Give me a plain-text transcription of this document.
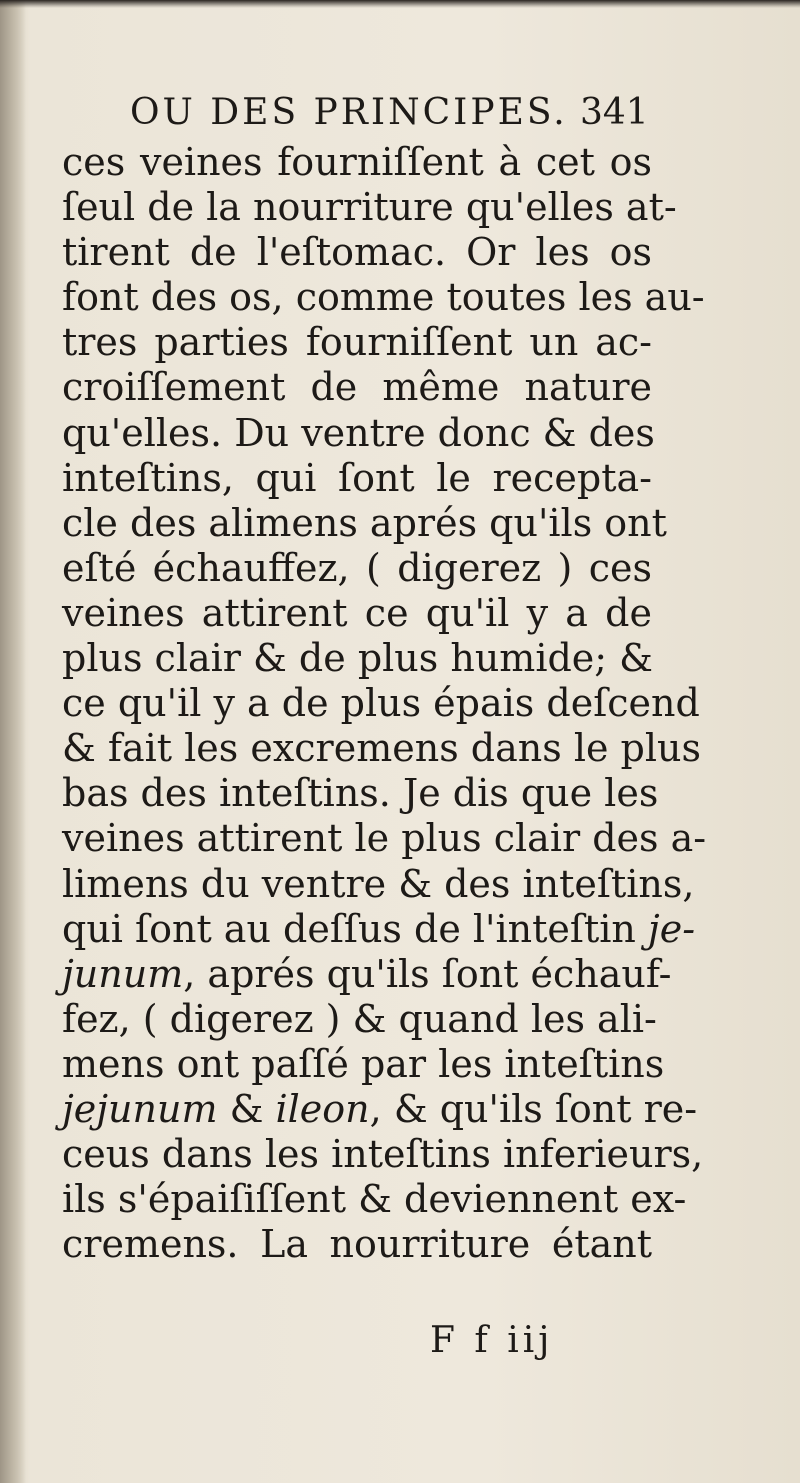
OU DES PRINCIPES. 341
ces veines fourniſſent à cet os
ſeul de la nourriture qu'elles at-
tirent de l'eſtomac. Or les os
font des os, comme toutes les au-
tres parties fourniſſent un ac-
croiſſement de même nature
qu'elles. Du ventre donc & des
inteſtins, qui ſont le recepta-
cle des alimens aprés qu'ils ont
eſté échauffez, ( digerez ) ces
veines attirent ce qu'il y a de
plus clair & de plus humide; &
ce qu'il y a de plus épais deſcend
& fait les excremens dans le plus
bas des inteſtins. Je dis que les
veines attirent le plus clair des a-
limens du ventre & des inteſtins,
qui ſont au deſſus de l'inteſtin je-
junum, aprés qu'ils ſont échauf-
fez, ( digerez ) & quand les ali-
mens ont paſſé par les inteſtins
jejunum & ileon, & qu'ils ſont re-
ceus dans les inteſtins inferieurs,
ils s'épaiſiſſent & deviennent ex-
cremens. La nourriture étant
F f iij
